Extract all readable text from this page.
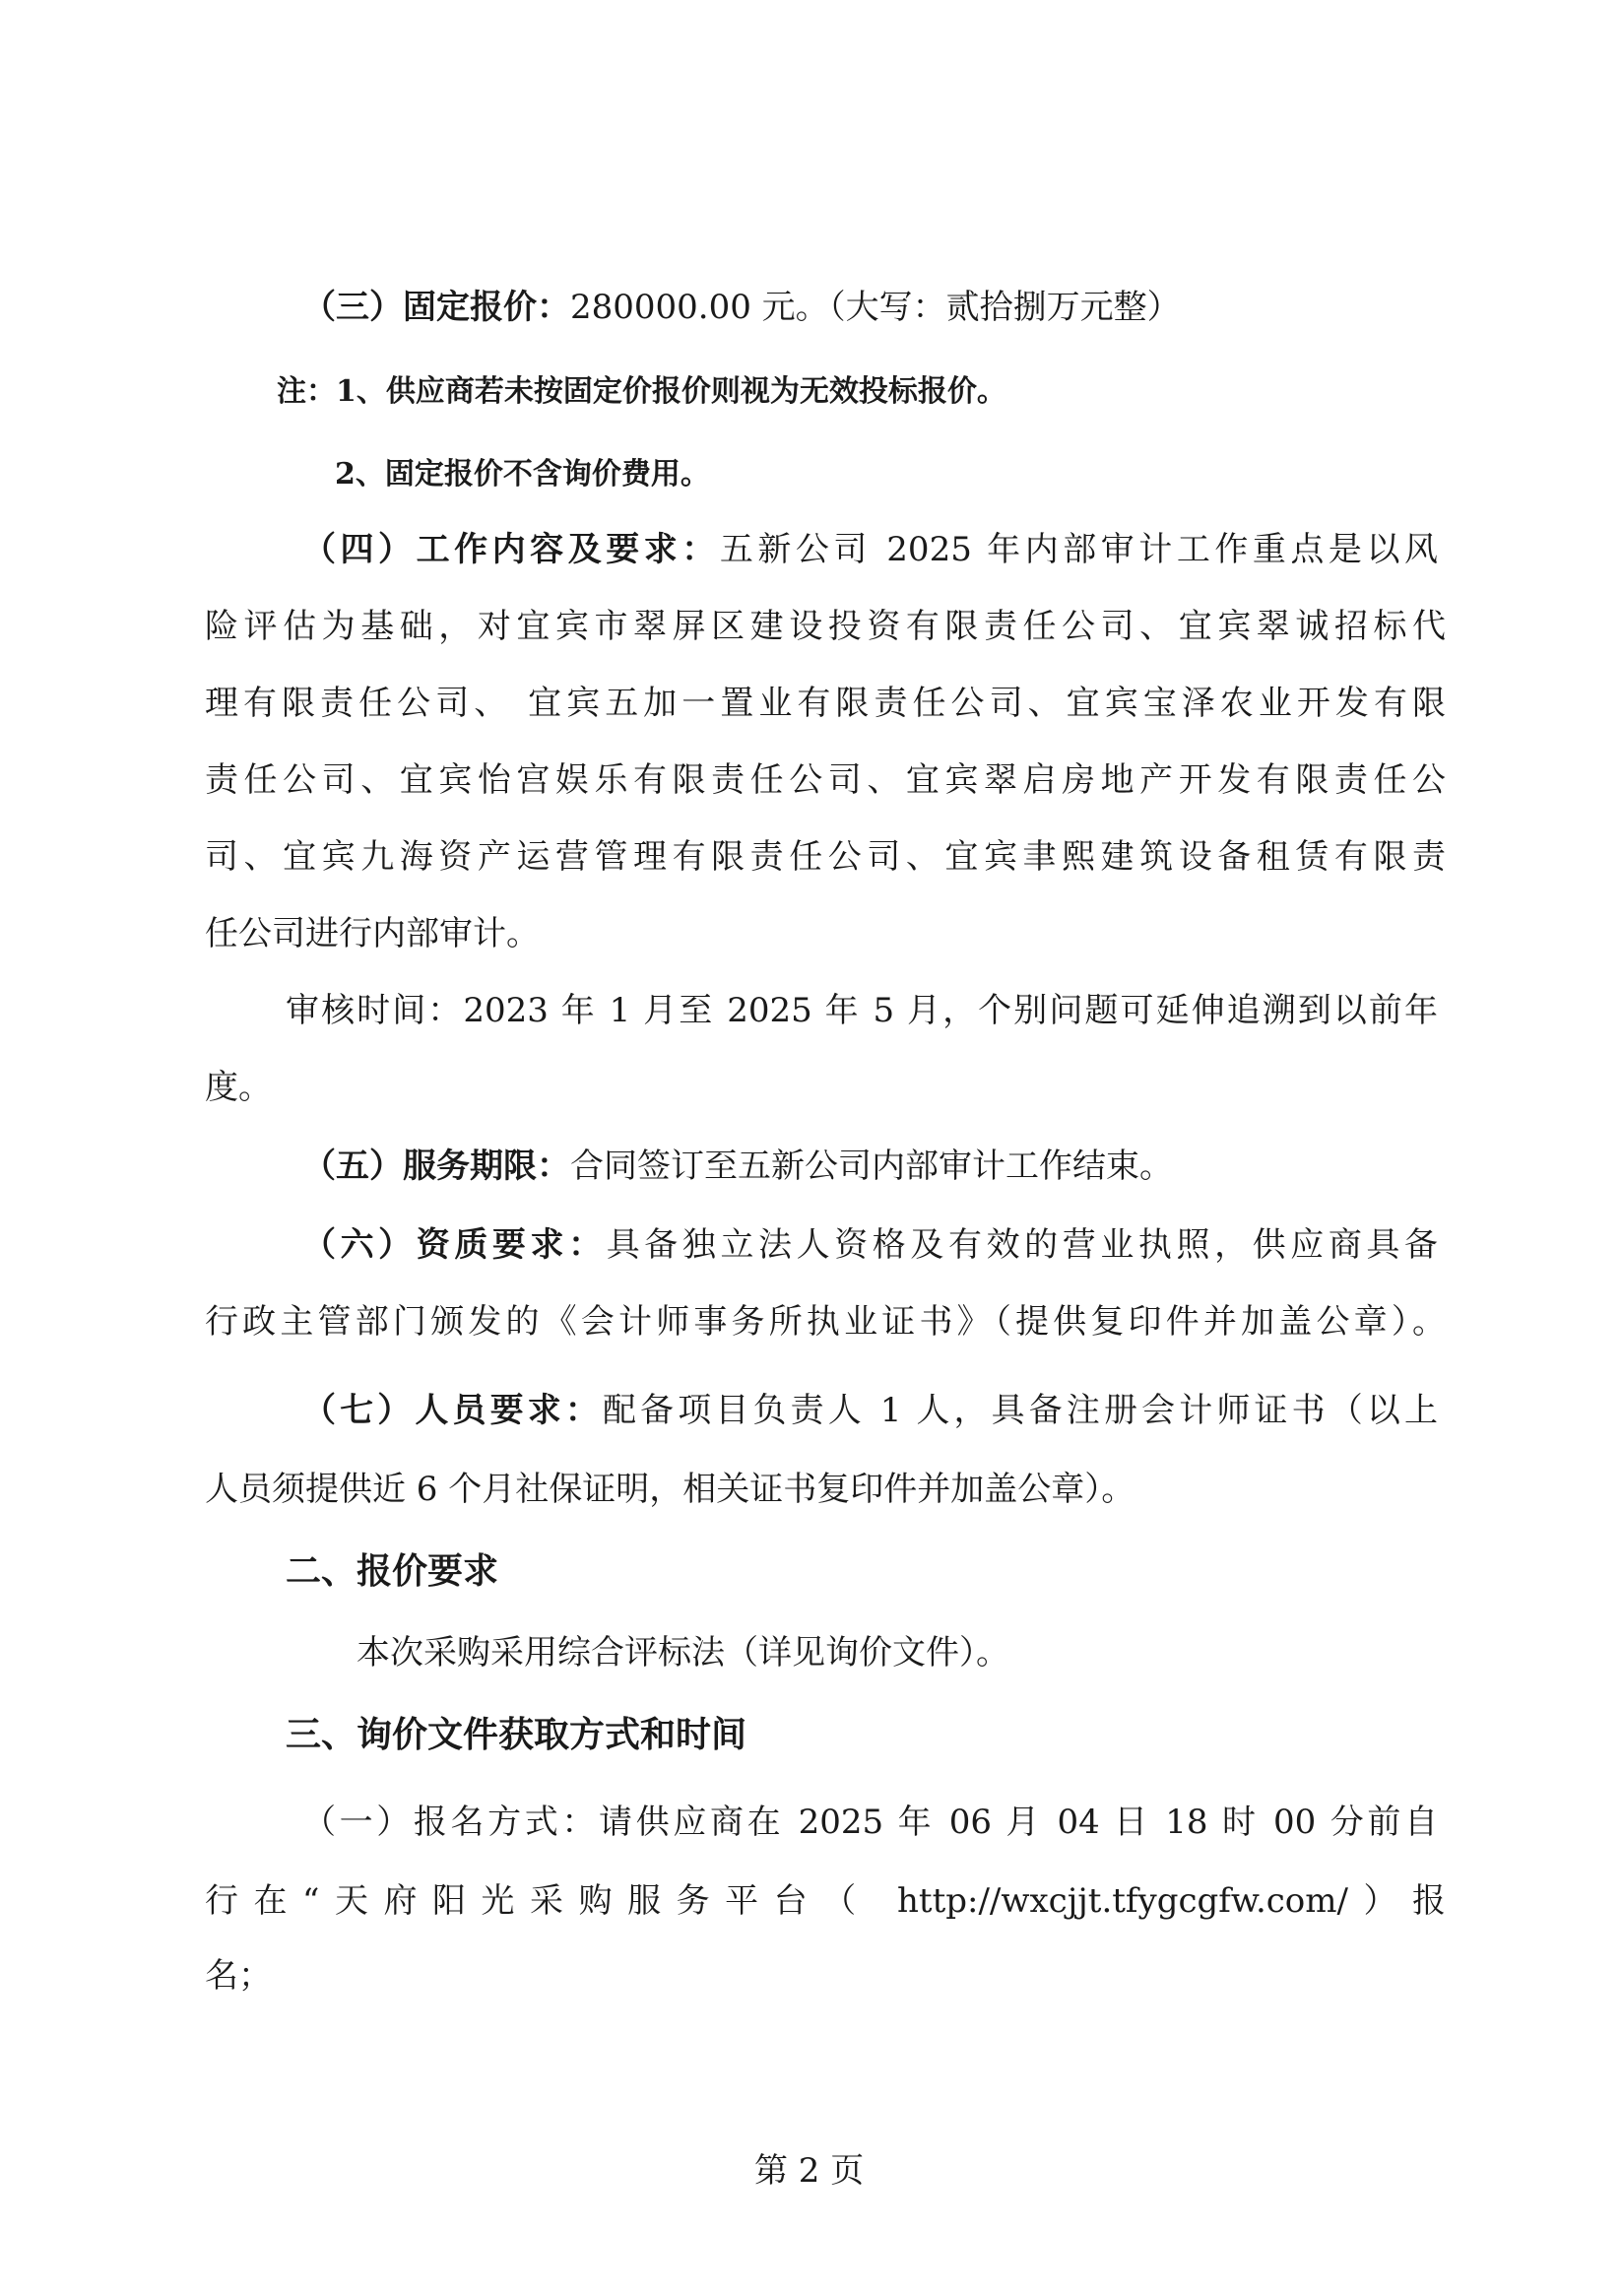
（三）固定报价：280000.00 元。（大写：贰拾捌万元整）
注：1、供应商若未按固定价报价则视为无效投标报价。
2、固定报价不含询价费用。
（四）工作内容及要求：五新公司 2025 年内部审计工作重点是以风
险评估为基础，对宜宾市翠屏区建设投资有限责任公司、宜宾翠诚招标代
理有限责任公司、 宜宾五加一置业有限责任公司、宜宾宝泽农业开发有限
责任公司、宜宾怡宫娱乐有限责任公司、宜宾翠启房地产开发有限责任公
司、宜宾九海资产运营管理有限责任公司、宜宾聿熙建筑设备租赁有限责
任公司进行内部审计。
审核时间：2023 年 1 月至 2025 年 5 月，个别问题可延伸追溯到以前年
度。
（五）服务期限：合同签订至五新公司内部审计工作结束。
（六）资质要求：具备独立法人资格及有效的营业执照，供应商具备
行政主管部门颁发的《会计师事务所执业证书》（提供复印件并加盖公章）。
（七）人员要求：配备项目负责人 1 人，具备注册会计师证书（以上
人员须提供近 6 个月社保证明，相关证书复印件并加盖公章）。
二、报价要求
本次采购采用综合评标法（详见询价文件）。
三、询价文件获取方式和时间
（一）报名方式：请供应商在 2025 年 06 月 04 日 18 时 00 分前自
行在“天府阳光采购服务平台（ http://wxcjjt.tfygcgfw.com/）报
名；
第 2 页
